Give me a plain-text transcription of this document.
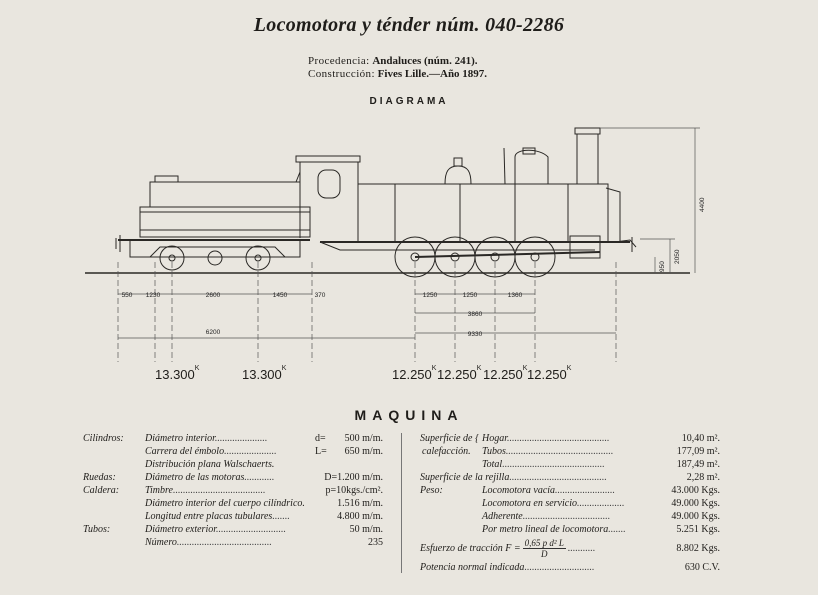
Locomotora y ténder núm. 040-2286
Procedencia: Andaluces (núm. 241).
Construcción: Fives Lille.—Año 1897.
DIAGRAMA
4400
2050
950
550 1230	2600	1450	370	1250	1250	1360
3860
9330
6200
$13.300^K$	$13.300^K$	$12.250^K$ $12.250^K$ $12.250^K$ $12.250^K$
MAQUINA
Cilindros: Diámetro interior.....................	d=	500 m/m.
Carrera del émbolo.....................	L=	650 m/m.
Distribución plana Walschaerts.
Ruedas:	Diámetro de las motoras............	D=1.200 m/m.
Caldera:	Timbre.....................................	p=10kgs./cm².
Diámetro interior del cuerpo cilíndrico.	1.516 m/m.
Longitud entre placas tubulares.......	4.800 m/m.
Tubos:	Diámetro exterior............................	50 m/m.
Número......................................	235
Superficie de {
calefacción.
Hogar.........................................	10,40 m².
Tubos...........................................	177,09 m².
Total.........................................	187,49 m².
Superficie de la rejilla.......................................	2,28 m².
Peso:	Locomotora vacía........................	43.000 Kgs.
Locomotora en servicio...................	49.000 Kgs.
Adherente...................................	49.000 Kgs.
Por metro lineal de locomotora.......	5.251 Kgs.
Esfuerzo de tracción $F = \frac{\text{0,65 p d² L}}{D}$ ...........	8.802 Kgs.
Potencia normal indicada............................	630 C.V.
